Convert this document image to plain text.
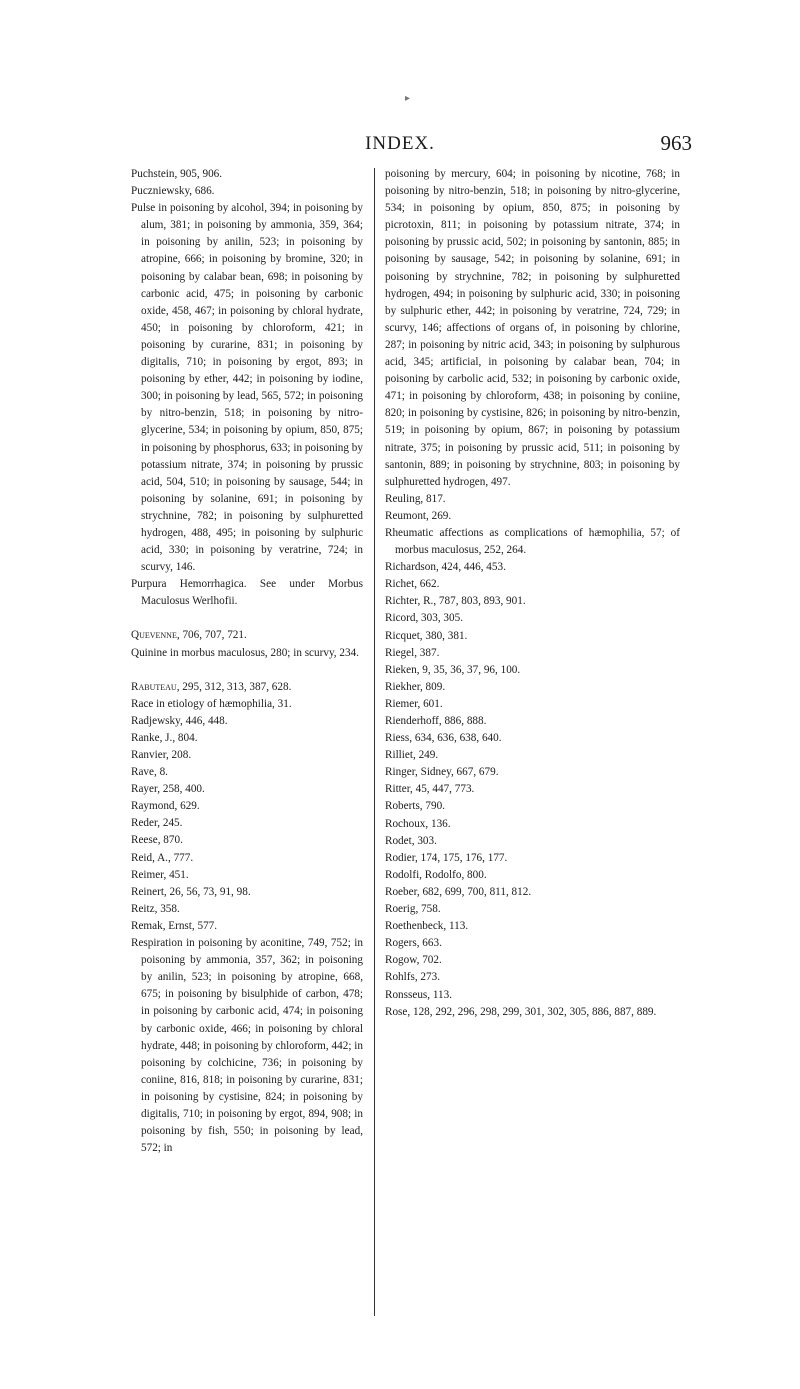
▸
INDEX.	963
Puchstein, 905, 906.
Puczniewsky, 686.
Pulse in poisoning by alcohol, 394; in poisoning by alum, 381; in poisoning by ammonia, 359, 364; in poisoning by anilin, 523; in poisoning by atropine, 666; in poisoning by bromine, 320; in poisoning by calabar bean, 698; in poisoning by carbonic acid, 475; in poisoning by carbonic oxide, 458, 467; in poisoning by chloral hydrate, 450; in poisoning by chloroform, 421; in poisoning by curarine, 831; in poisoning by digitalis, 710; in poisoning by ergot, 893; in poisoning by ether, 442; in poisoning by iodine, 300; in poisoning by lead, 565, 572; in poisoning by nitro-benzin, 518; in poisoning by nitro-glycerine, 534; in poisoning by opium, 850, 875; in poisoning by phosphorus, 633; in poisoning by potassium nitrate, 374; in poisoning by prussic acid, 504, 510; in poisoning by sausage, 544; in poisoning by solanine, 691; in poisoning by strychnine, 782; in poisoning by sulphuretted hydrogen, 488, 495; in poisoning by sulphuric acid, 330; in poisoning by veratrine, 724; in scurvy, 146.
Purpura Hemorrhagica. See under Morbus Maculosus Werlhofii.
Quevenne, 706, 707, 721.
Quinine in morbus maculosus, 280; in scurvy, 234.
Rabuteau, 295, 312, 313, 387, 628.
Race in etiology of hæmophilia, 31.
Radjewsky, 446, 448.
Ranke, J., 804.
Ranvier, 208.
Rave, 8.
Rayer, 258, 400.
Raymond, 629.
Reder, 245.
Reese, 870.
Reid, A., 777.
Reimer, 451.
Reinert, 26, 56, 73, 91, 98.
Reitz, 358.
Remak, Ernst, 577.
Respiration in poisoning by aconitine, 749, 752; in poisoning by ammonia, 357, 362; in poisoning by anilin, 523; in poisoning by atropine, 668, 675; in poisoning by bisulphide of carbon, 478; in poisoning by carbonic acid, 474; in poisoning by carbonic oxide, 466; in poisoning by chloral hydrate, 448; in poisoning by chloroform, 442; in poisoning by colchicine, 736; in poisoning by coniine, 816, 818; in poisoning by curarine, 831; in poisoning by cystisine, 824; in poisoning by digitalis, 710; in poisoning by ergot, 894, 908; in poisoning by fish, 550; in poisoning by lead, 572; in
poisoning by mercury, 604; in poisoning by nicotine, 768; in poisoning by nitro-benzin, 518; in poisoning by nitro-glycerine, 534; in poisoning by opium, 850, 875; in poisoning by picrotoxin, 811; in poisoning by potassium nitrate, 374; in poisoning by prussic acid, 502; in poisoning by santonin, 885; in poisoning by sausage, 542; in poisoning by solanine, 691; in poisoning by strychnine, 782; in poisoning by sulphuretted hydrogen, 494; in poisoning by sulphuric acid, 330; in poisoning by sulphuric ether, 442; in poisoning by veratrine, 724, 729; in scurvy, 146; affections of organs of, in poisoning by chlorine, 287; in poisoning by nitric acid, 343; in poisoning by sulphurous acid, 345; artificial, in poisoning by calabar bean, 704; in poisoning by carbolic acid, 532; in poisoning by carbonic oxide, 471; in poisoning by chloroform, 438; in poisoning by coniine, 820; in poisoning by cystisine, 826; in poisoning by nitro-benzin, 519; in poisoning by opium, 867; in poisoning by potassium nitrate, 375; in poisoning by prussic acid, 511; in poisoning by santonin, 889; in poisoning by strychnine, 803; in poisoning by sulphuretted hydrogen, 497.
Reuling, 817.
Reumont, 269.
Rheumatic affections as complications of hæmophilia, 57; of morbus maculosus, 252, 264.
Richardson, 424, 446, 453.
Richet, 662.
Richter, R., 787, 803, 893, 901.
Ricord, 303, 305.
Ricquet, 380, 381.
Riegel, 387.
Rieken, 9, 35, 36, 37, 96, 100.
Riekher, 809.
Riemer, 601.
Rienderhoff, 886, 888.
Riess, 634, 636, 638, 640.
Rilliet, 249.
Ringer, Sidney, 667, 679.
Ritter, 45, 447, 773.
Roberts, 790.
Rochoux, 136.
Rodet, 303.
Rodier, 174, 175, 176, 177.
Rodolfi, Rodolfo, 800.
Roeber, 682, 699, 700, 811, 812.
Roerig, 758.
Roethenbeck, 113.
Rogers, 663.
Rogow, 702.
Rohlfs, 273.
Ronsseus, 113.
Rose, 128, 292, 296, 298, 299, 301, 302, 305, 886, 887, 889.
